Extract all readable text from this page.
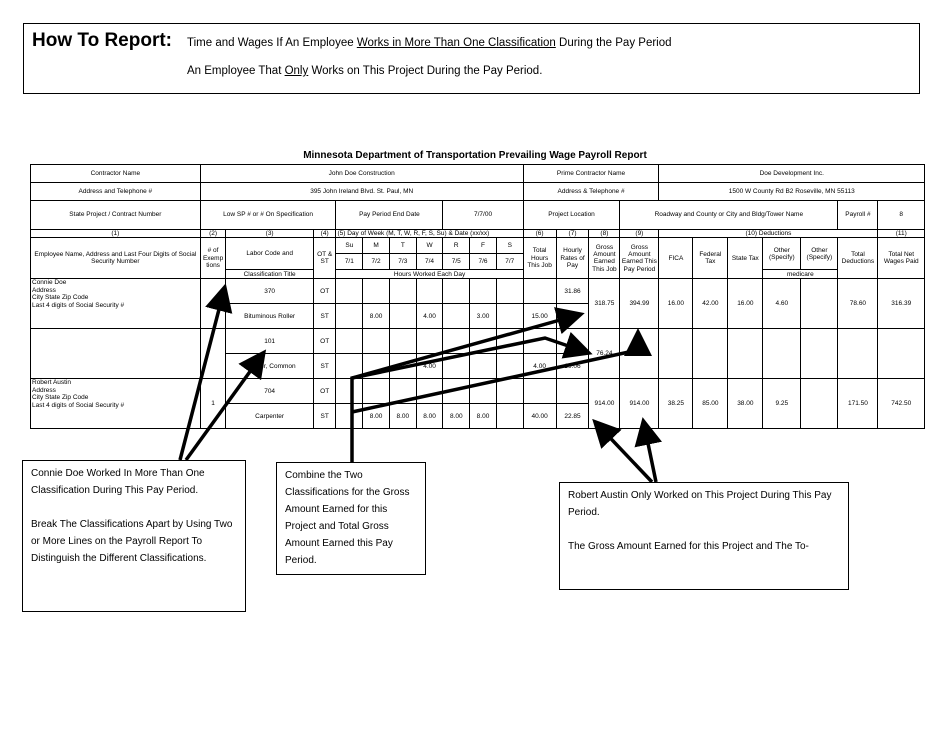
How To Report: Time and Wages If An Employee Works in More Than One Classification During the Pay Period
An Employee That Only Works on This Project During the Pay Period.
Minnesota Department of Transportation Prevailing Wage Payroll Report
Contractor Name	John Doe Construction										Prime Contractor Name				Doe Development Inc.						
Address and Telephone #	395 John Ireland Blvd. St. Paul, MN										Address & Telephone #				1500 W County Rd B2 Roseville, MN 55113						
State Project / Contract Number	Low SP # or # On Specification			Pay Period End Date				7/7/00			Project Location			Roadway and County or City and Bldg/Tower Name						Payroll #	8
(1)	(2)	(3)	(4)	(5) Day of Week (M, T, W, R, F, S, Su) & Date (xx/xx)							(6)	(7)	(8)	(9)	(10) Deductions						(11)
Employee Name, Address and Last Four Digits of Social Security Number	# of Exemp tions	Labor Code and	OT & ST	Su	M	T	W	R	F	S	Total Hours This Job	Hourly Rates of Pay	Gross Amount Earned This Job	Gross Amount Earned This Pay Period	FICA	Federal Tax	State Tax	Other (Specify)	Other (Specify)	Total Deductions	Total Net Wages Paid
				7/1	7/2	7/3	7/4	7/5	7/6	7/7											
		Classification Title		Hours Worked Each Day														medicare			

Connie Doe
Address
City State Zip Code
Last 4 digits of Social Security #	2	370	OT									31.86	318.75	394.99	16.00	42.00	16.00	4.60		78.60	316.39
		Bituminous Roller	ST		8.00		4.00		3.00		15.00										
		101	OT										76.24								
		Laborer, Common	ST				4.00				4.00	19.06									

Robert Austin
Address
City State Zip Code
Last 4 digits of Social Security #	1	704	OT										914.00	914.00	38.25	85.00	38.00	9.25		171.50	742.50
		Carpenter	ST		8.00	8.00	8.00	8.00	8.00		40.00	22.85									

Connie Doe Worked In More Than One Classification During This Pay Period.

Break The Classifications Apart by Using Two or More Lines on the Payroll Report To Distinguish the Different Classifications.

Combine the Two Classifications for the Gross Amount Earned for this Project and Total Gross Amount Earned this Pay Period.

Robert Austin Only Worked on This Project During This Pay Period.

The Gross Amount Earned for this Project and The To-
